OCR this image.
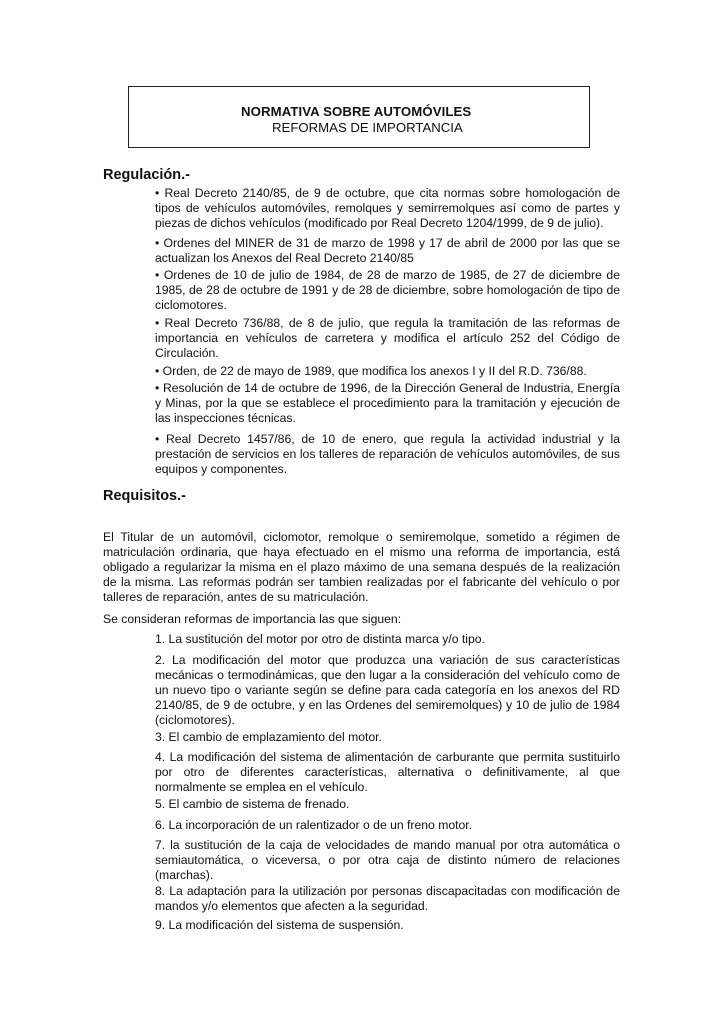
NORMATIVA SOBRE AUTOMÓVILES
REFORMAS DE IMPORTANCIA
Regulación.-

• Real Decreto 2140/85, de 9 de octubre, que cita normas sobre homologación de tipos de vehículos automóviles, remolques y semirremolques así como de partes y piezas de dichos vehículos (modificado por Real Decreto 1204/1999, de 9 de julio).

• Ordenes del MINER de 31 de marzo de 1998 y 17 de abril de 2000 por las que se actualizan los Anexos del Real Decreto 2140/85

• Ordenes de 10 de julio de 1984, de 28 de marzo de 1985, de 27 de diciembre de 1985, de 28 de octubre de 1991 y de 28 de diciembre, sobre homologación de tipo de ciclomotores.

• Real Decreto 736/88, de 8 de julio, que regula la tramitación de las reformas de importancia en vehículos de carretera y modifica el artículo 252 del Código de Circulación.

• Orden, de 22 de mayo de 1989, que modifica los anexos I y II del R.D. 736/88.

• Resolución de 14 de octubre de 1996, de la Dirección General de Industria, Energía y Minas, por la que se establece el procedimiento para la tramitación y ejecución de las inspecciones técnicas.

• Real Decreto 1457/86, de 10 de enero, que regula la actividad industrial y la prestación de servicios en los talleres de reparación de vehículos automóviles, de sus equipos y componentes.

Requisitos.-

El Titular de un automóvil, ciclomotor, remolque o semiremolque, sometido a régimen de matriculación ordinaria, que haya efectuado en el mismo una reforma de importancia, está obligado a regularizar la misma en el plazo máximo de una semana después de la realización de la misma. Las reformas podrán ser tambien realizadas por el fabricante del vehículo o por talleres de reparación, antes de su matriculación.

Se consideran reformas de importancia las que siguen:

1. La sustitución del motor por otro de distinta marca y/o tipo.

2. La modificación del motor que produzca una variación de sus características mecánicas o termodinámicas, que den lugar a la consideración del vehículo como de un nuevo tipo o variante según se define para cada categoría en los anexos del RD 2140/85, de 9 de octubre, y en las Ordenes del semiremolques) y 10 de julio de 1984 (ciclomotores).

3. El cambio de emplazamiento del motor.

4. La modificación del sistema de alimentación de carburante que permita sustituirlo por otro de diferentes características, alternativa o definitivamente, al que normalmente se emplea en el vehículo.

5. El cambio de sistema de frenado.

6. La incorporación de un ralentizador o de un freno motor.

7. la sustitución de la caja de velocidades de mando manual por otra automática o semiautomática, o viceversa, o por otra caja de distinto número de relaciones (marchas).

8. La adaptación para la utilización por personas discapacitadas con modificación de mandos y/o elementos que afecten a la seguridad.

9. La modificación del sistema de suspensión.
